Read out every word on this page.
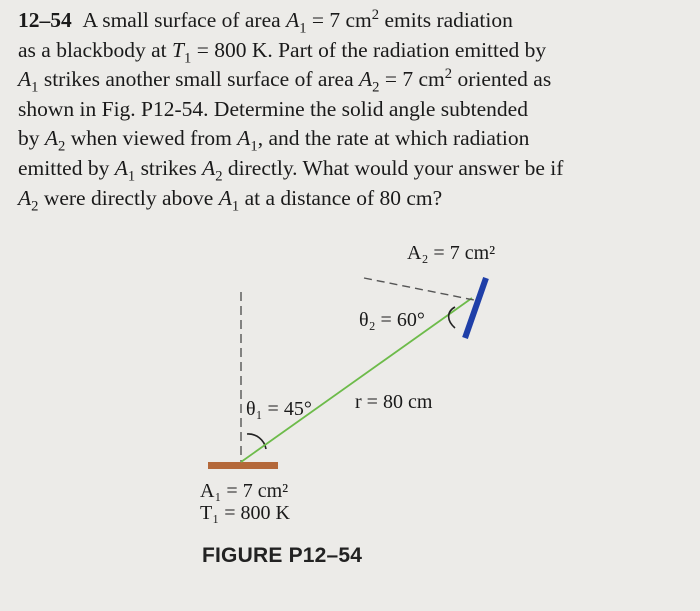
12–54 A small surface of area $A_1 = 7$ $cm^2$ emits radiation
as a blackbody at $T_1 = 800$ K. Part of the radiation emitted by
$A_1$ strikes another small surface of area $A_2 = 7$ $cm^2$ oriented as
shown in Fig. P12-54. Determine the solid angle subtended
by $A_2$ when viewed from $A_1$, and the rate at which radiation
emitted by $A_1$ strikes $A_2$ directly. What would your answer be if
$A_2$ were directly above $A_1$ at a distance of 80 cm?
A₂ = 7 cm²
θ₂ = 60°
θ₁ = 45° r = 80 cm
A₁ = 7 cm²
T₁ = 800 K
FIGURE P12–54
